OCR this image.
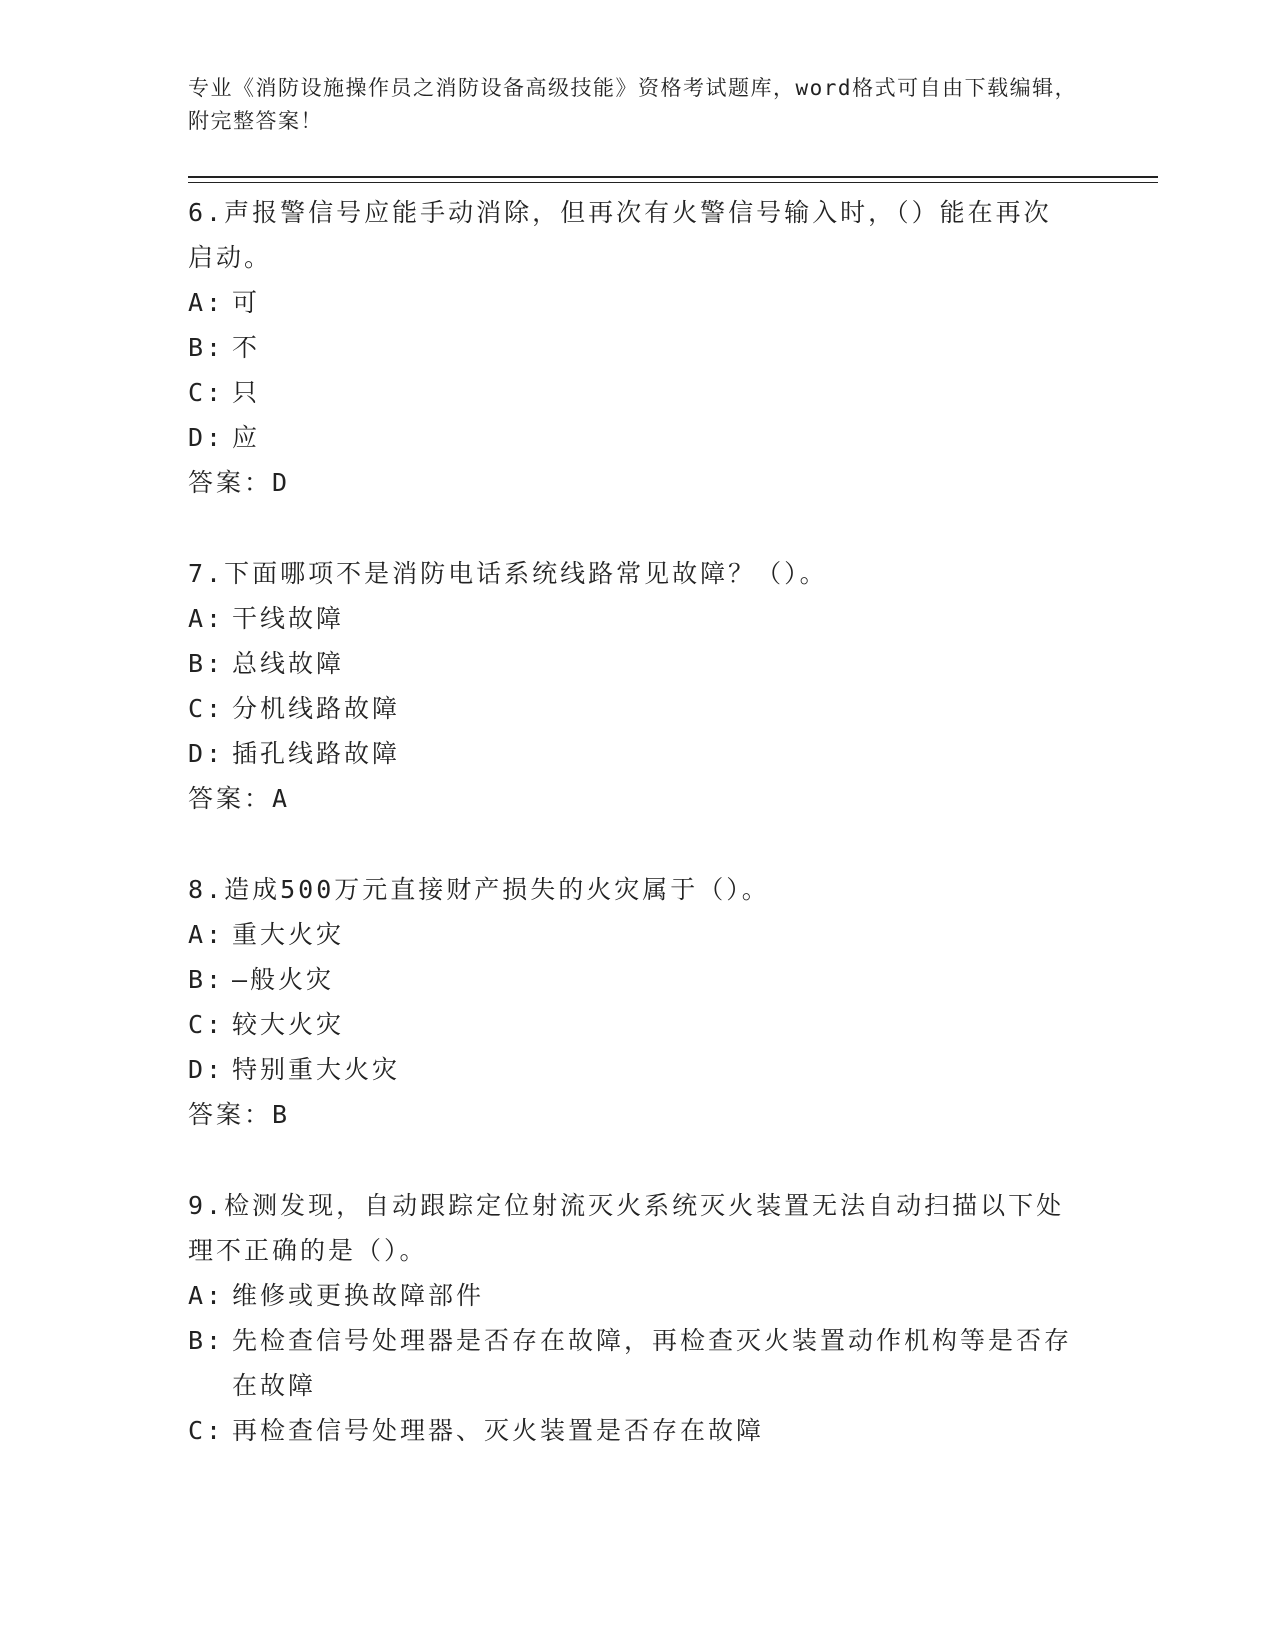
专业《消防设施操作员之消防设备高级技能》资格考试题库，word格式可自由下载编辑，附完整答案！
6.声报警信号应能手动消除，但再次有火警信号输入时，（）能在再次启动。
A: 可
B: 不
C: 只
D: 应
答案：D
7.下面哪项不是消防电话系统线路常见故障？（）。
A: 干线故障
B: 总线故障
C: 分机线路故障
D: 插孔线路故障
答案：A
8.造成500万元直接财产损失的火灾属于（）。
A: 重大火灾
B: —般火灾
C: 较大火灾
D: 特别重大火灾
答案：B
9.检测发现，自动跟踪定位射流灭火系统灭火装置无法自动扫描以下处理不正确的是（）。
A: 维修或更换故障部件
B: 先检查信号处理器是否存在故障，再检查灭火装置动作机构等是否存在故障
C: 再检查信号处理器、灭火装置是否存在故障
